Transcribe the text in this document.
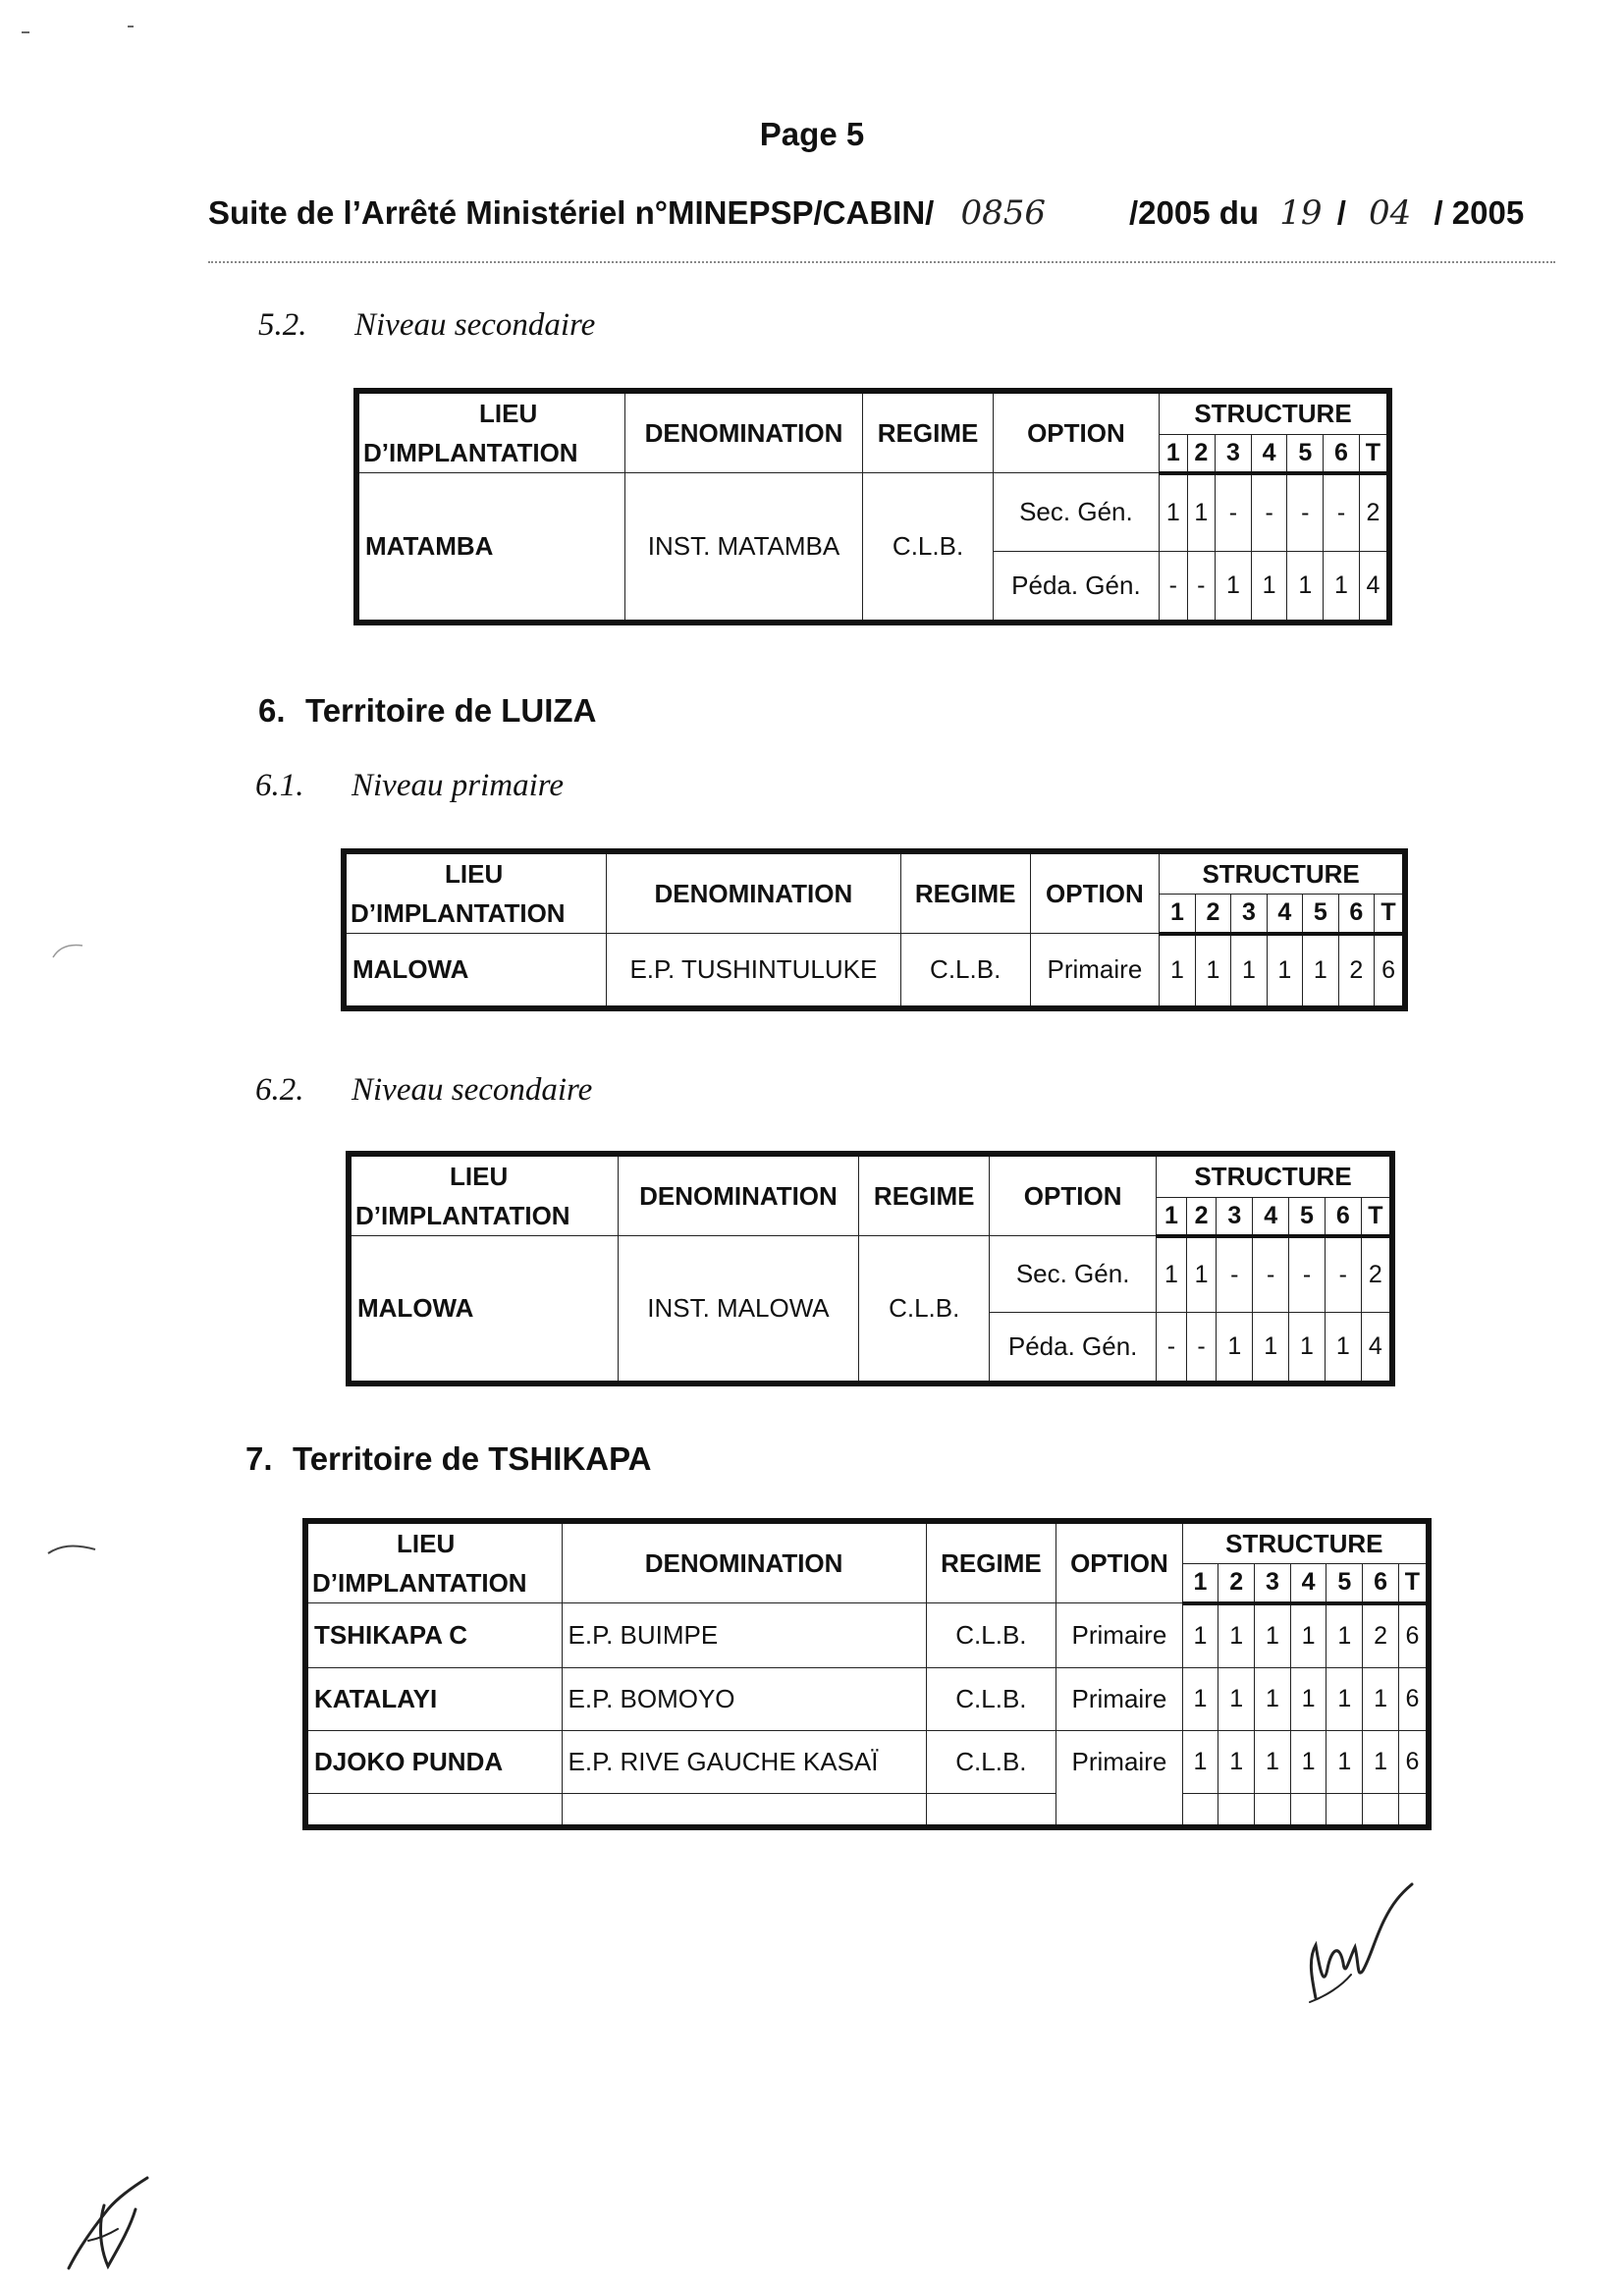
Page 5
Suite de l’Arrêté Ministériel n°MINEPSP/CABIN/ 0856	/2005 du 19 / 04 / 2005
5.2. Niveau secondaire
LIEU
D’IMPLANTATION	DENOMINATION	REGIME	OPTION	STRUCTURE						
				1	2	3	4	5	6	T
MATAMBA	INST. MATAMBA	C.L.B.	Sec. Gén.	1	1	-	-	-	-	2
			Péda. Gén.	-	-	1	1	1	1	4
6. Territoire de LUIZA
6.1. Niveau primaire
LIEU
D’IMPLANTATION	DENOMINATION	REGIME	OPTION	STRUCTURE						
				1	2	3	4	5	6	T
MALOWA	E.P. TUSHINTULUKE	C.L.B.	Primaire	1	1	1	1	1	2	6
6.2. Niveau secondaire
LIEU
D’IMPLANTATION	DENOMINATION	REGIME	OPTION	STRUCTURE						
				1	2	3	4	5	6	T
MALOWA	INST. MALOWA	C.L.B.	Sec. Gén.	1	1	-	-	-	-	2
			Péda. Gén.	-	-	1	1	1	1	4
7. Territoire de TSHIKAPA
LIEU
D’IMPLANTATION	DENOMINATION	REGIME	OPTION	STRUCTURE						
				1	2	3	4	5	6	T
TSHIKAPA C	E.P. BUIMPE	C.L.B.	Primaire	1	1	1	1	1	2	6
KATALAYI	E.P. BOMOYO	C.L.B.	Primaire	1	1	1	1	1	1	6
DJOKO PUNDA	E.P. RIVE GAUCHE KASAÏ	C.L.B.	Primaire	1	1	1	1	1	1	6
